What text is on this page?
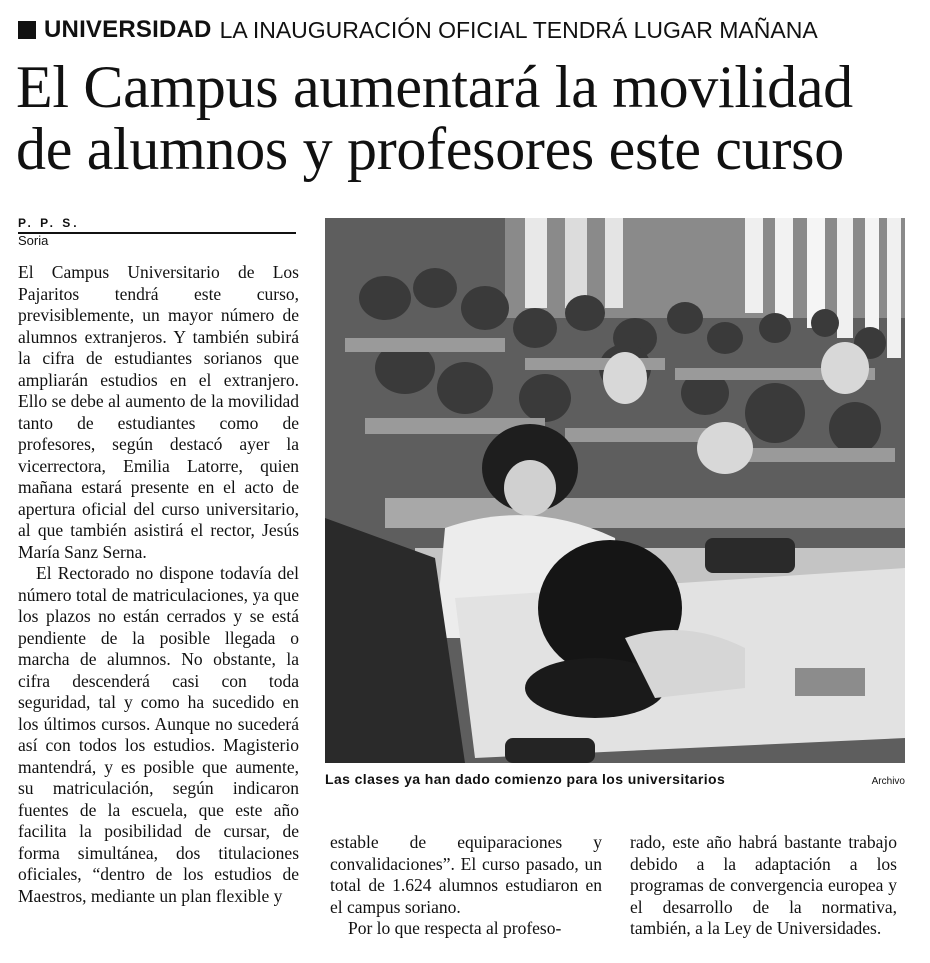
UNIVERSIDAD LA INAUGURACIÓN OFICIAL TENDRÁ LUGAR MAÑANA
El Campus aumentará la movilidad
de alumnos y profesores este curso
P. P. S.
Soria

El Campus Universitario de Los Pajaritos tendrá este curso, previsiblemente, un mayor número de alumnos extranjeros. Y también subirá la cifra de estudiantes sorianos que ampliarán estudios en el extranjero. Ello se debe al aumento de la movilidad tanto de estudiantes como de profesores, según destacó ayer la vicerrectora, Emilia Latorre, quien mañana estará presente en el acto de apertura oficial del curso universitario, al que también asistirá el rector, Jesús María Sanz Serna.

El Rectorado no dispone todavía del número total de matriculaciones, ya que los plazos no están cerrados y se está pendiente de la posible llegada o marcha de alumnos. No obstante, la cifra descenderá casi con toda seguridad, tal y como ha sucedido en los últimos cursos. Aunque no sucederá así con todos los estudios. Magisterio mantendrá, y es posible que aumente, su matriculación, según indicaron fuentes de la escuela, que este año facilita la posibilidad de cursar, de forma simultánea, dos titulaciones oficiales, “dentro de los estudios de Maestros, mediante un plan flexible y

Las clases ya han dado comienzo para los universitarios	Archivo

estable de equiparaciones y convalidaciones”. El curso pasado, un total de 1.624 alumnos estudiaron en el campus soriano.

Por lo que respecta al profeso-

rado, este año habrá bastante trabajo debido a la adaptación a los programas de convergencia europea y el desarrollo de la normativa, también, a la Ley de Universidades.
